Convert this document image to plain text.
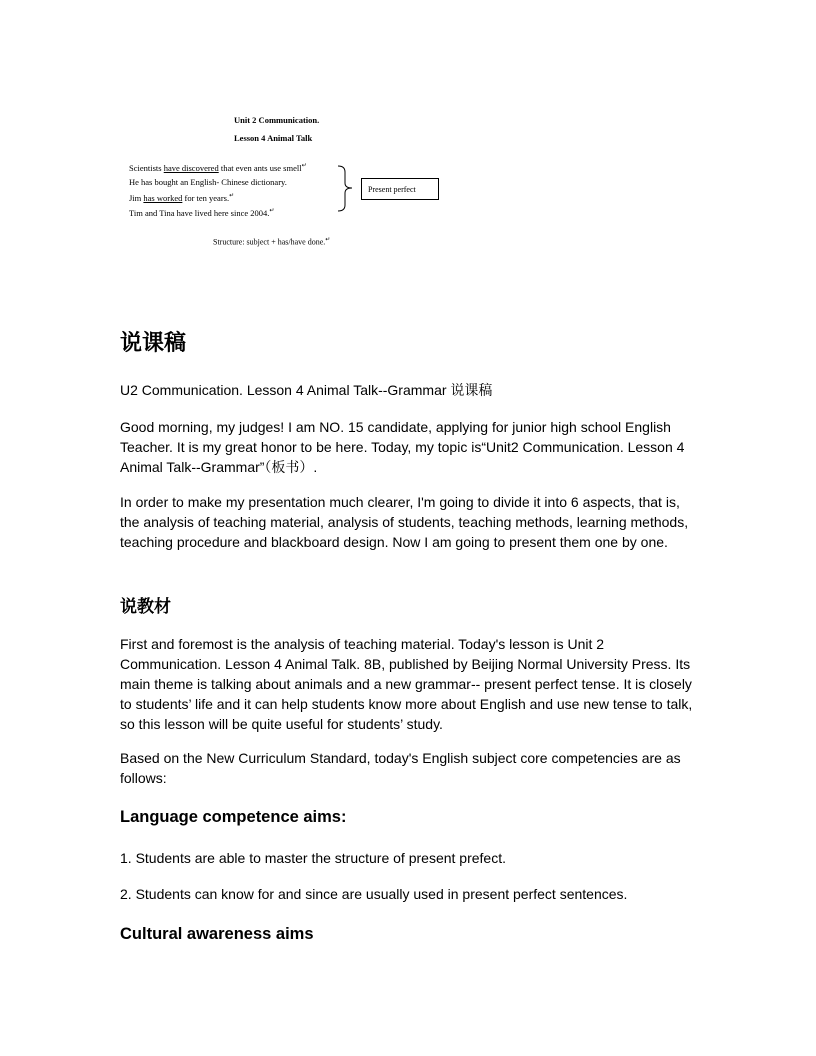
Unit 2 Communication.
Lesson 4 Animal Talk
Scientists have discovered that even ants use smell↵
He has bought an English- Chinese dictionary.
Jim has worked for ten years.↵
Tim and Tina have lived here since 2004.↵
Present perfect
Structure: subject + has/have done.↵
说课稿
U2 Communication. Lesson 4 Animal Talk--Grammar 说课稿
Good morning, my judges! I am NO. 15 candidate, applying for junior high school English Teacher. It is my great honor to be here. Today, my topic is“Unit2 Communication. Lesson 4 Animal Talk--Grammar”（板书）.
In order to make my presentation much clearer, I'm going to divide it into 6 aspects, that is, the analysis of teaching material, analysis of students, teaching methods, learning methods, teaching procedure and blackboard design. Now I am going to present them one by one.
说教材
First and foremost is the analysis of teaching material. Today's lesson is Unit 2 Communication. Lesson 4 Animal Talk. 8B, published by Beijing Normal University Press. Its main theme is talking about animals and a new grammar-- present perfect tense. It is closely to students’ life and it can help students know more about English and use new tense to talk, so this lesson will be quite useful for students’ study.
Based on the New Curriculum Standard, today's English subject core competencies are as follows:
Language competence aims:
1. Students are able to master the structure of present prefect.
2. Students can know for and since are usually used in present perfect sentences.
Cultural awareness aims
